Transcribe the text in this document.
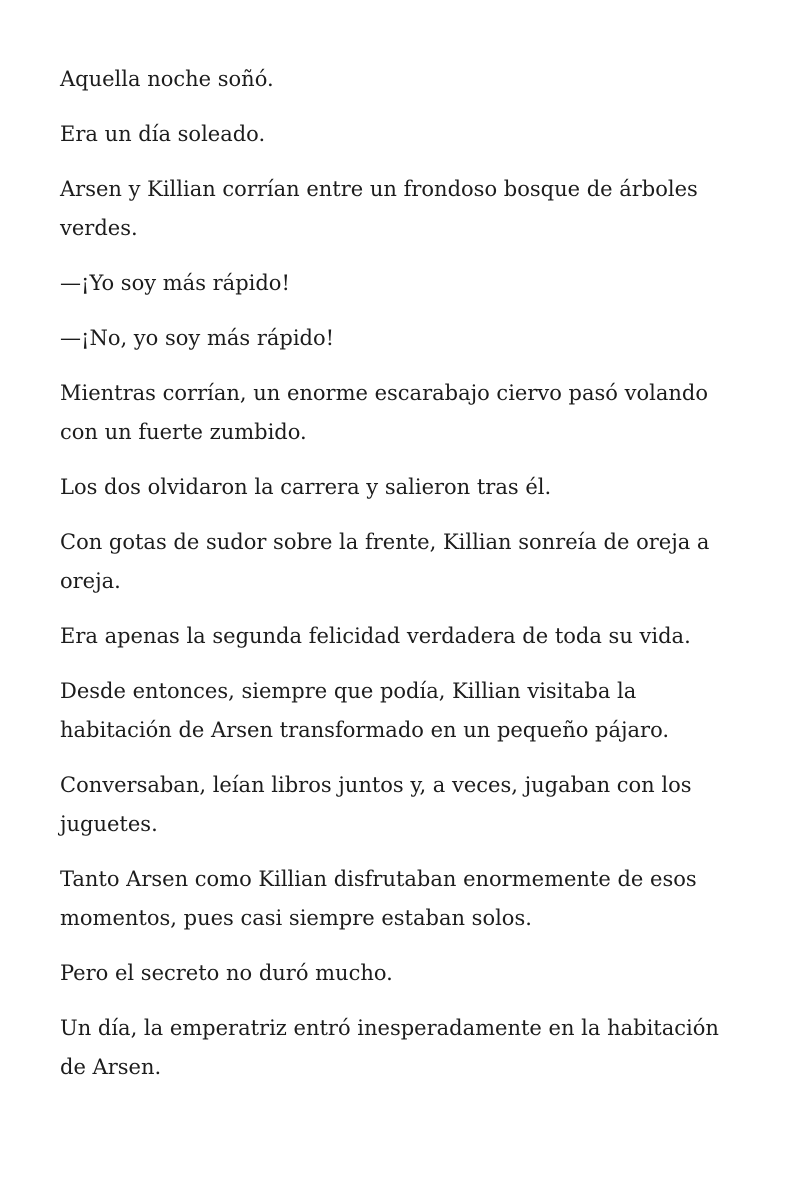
Aquella noche soñó.

Era un día soleado.

Arsen y Killian corrían entre un frondoso bosque de árboles verdes.

—¡Yo soy más rápido!

—¡No, yo soy más rápido!

Mientras corrían, un enorme escarabajo ciervo pasó volando con un fuerte zumbido.

Los dos olvidaron la carrera y salieron tras él.

Con gotas de sudor sobre la frente, Killian sonreía de oreja a oreja.

Era apenas la segunda felicidad verdadera de toda su vida.

Desde entonces, siempre que podía, Killian visitaba la habitación de Arsen transformado en un pequeño pájaro.

Conversaban, leían libros juntos y, a veces, jugaban con los juguetes.

Tanto Arsen como Killian disfrutaban enormemente de esos momentos, pues casi siempre estaban solos.

Pero el secreto no duró mucho.

Un día, la emperatriz entró inesperadamente en la habitación de Arsen.
